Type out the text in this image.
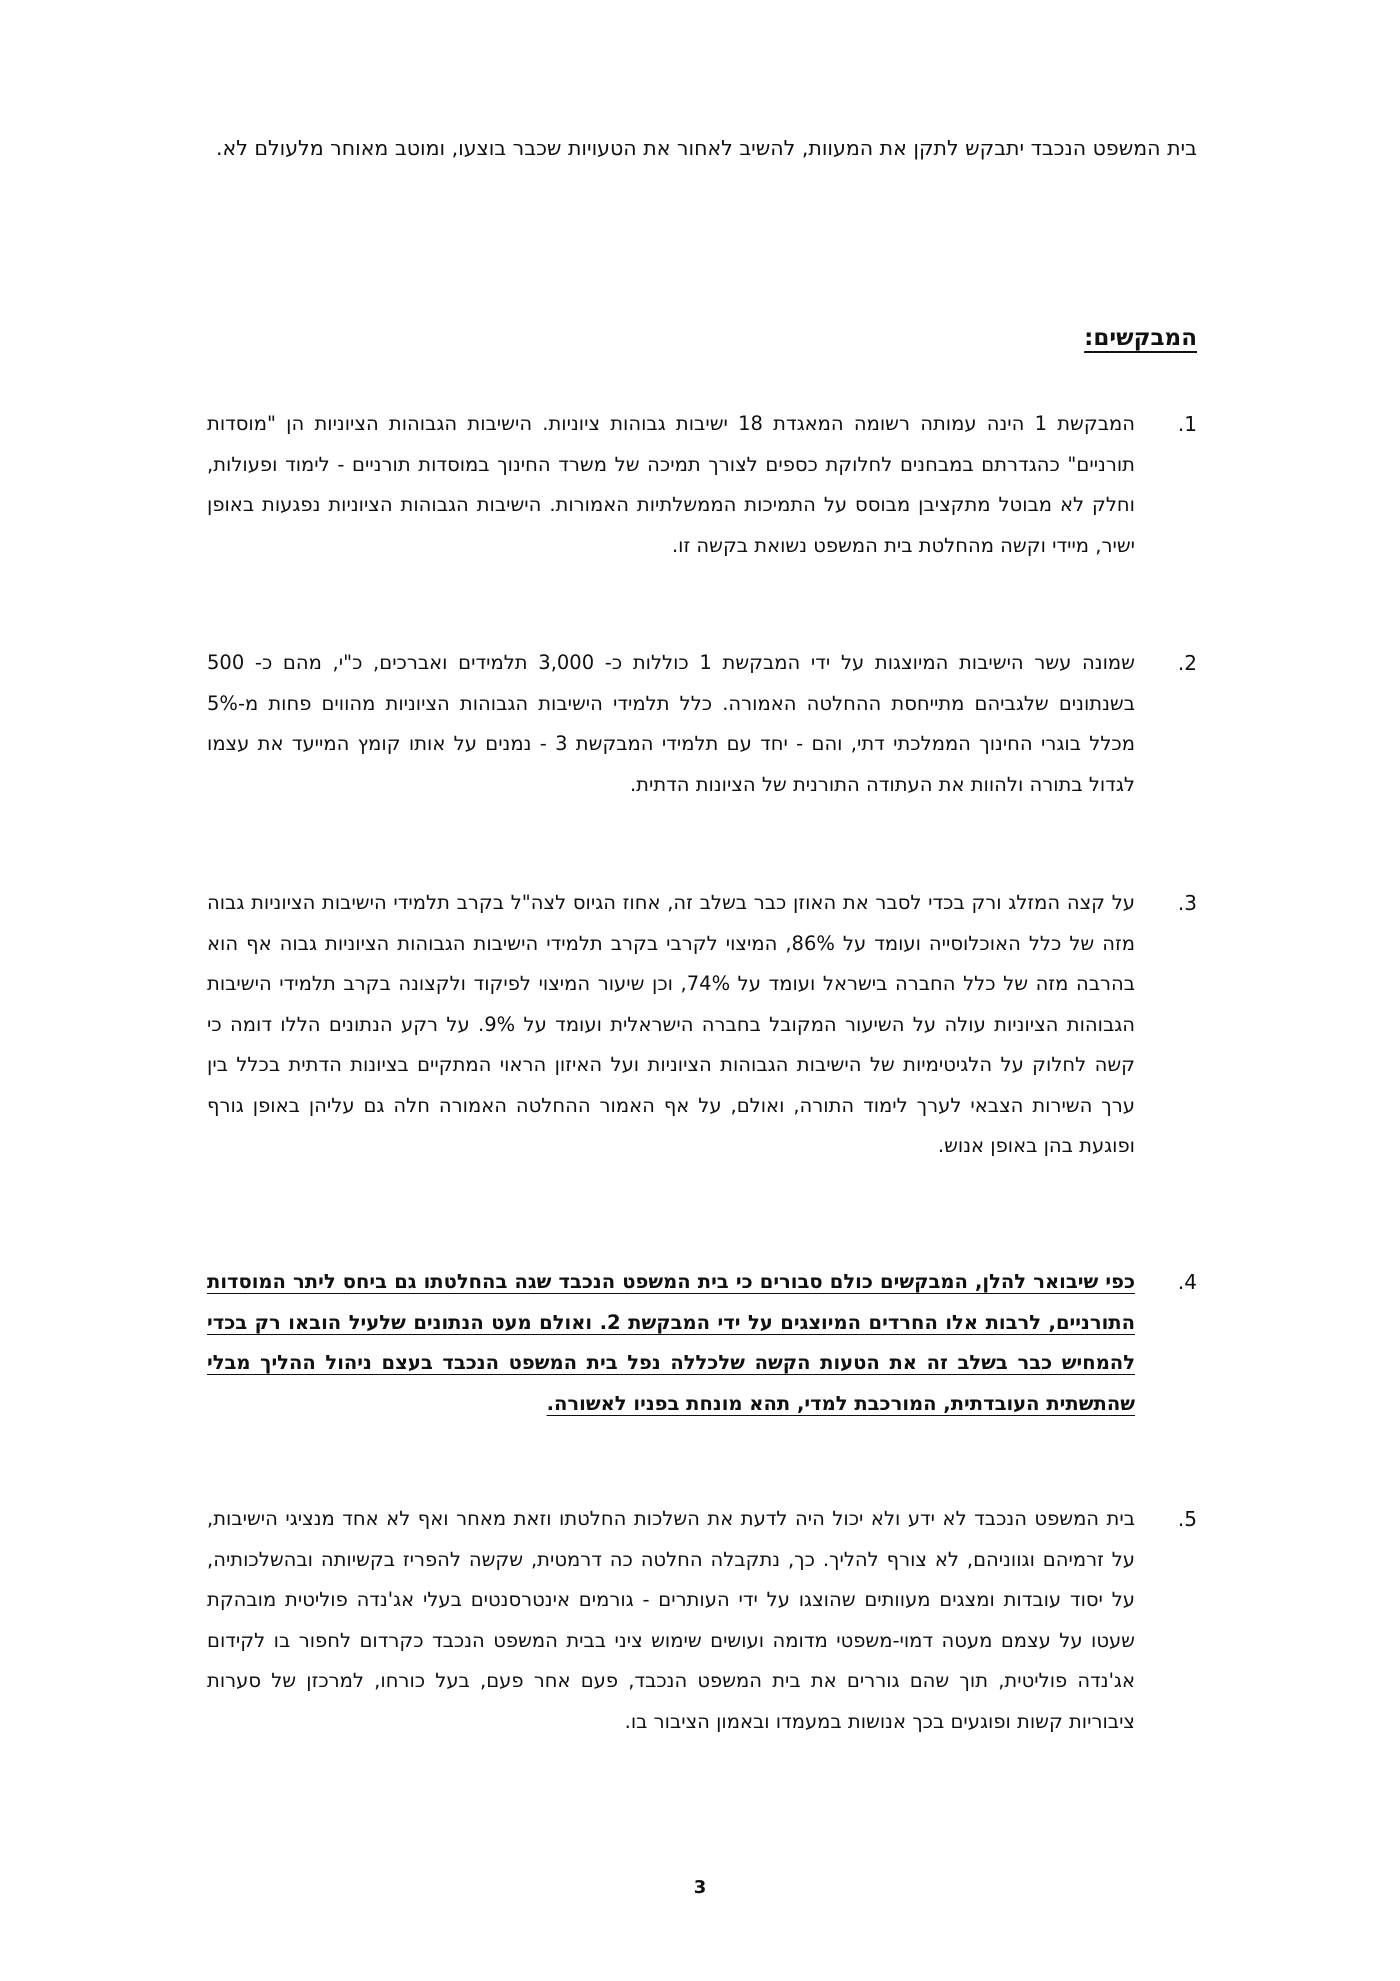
בית המשפט הנכבד יתבקש לתקן את המעוות, להשיב לאחור את הטעויות שכבר בוצעו, ומוטב מאוחר מלעולם לא.

המבקשים:
1.

המבקשת 1 הינה עמותה רשומה המאגדת 18 ישיבות גבוהות ציוניות. הישיבות הגבוהות הציוניות הן "מוסדות תורניים" כהגדרתם במבחנים לחלוקת כספים לצורך תמיכה של משרד החינוך במוסדות תורניים - לימוד ופעולות, וחלק לא מבוטל מתקציבן מבוסס על התמיכות הממשלתיות האמורות. הישיבות הגבוהות הציוניות נפגעות באופן ישיר, מיידי וקשה מהחלטת בית המשפט נשואת בקשה זו.

2.

שמונה עשר הישיבות המיוצגות על ידי המבקשת 1 כוללות כ- 3,000 תלמידים ואברכים, כ"י, מהם כ- 500 בשנתונים שלגביהם מתייחסת ההחלטה האמורה. כלל תלמידי הישיבות הגבוהות הציוניות מהווים פחות מ-5% מכלל בוגרי החינוך הממלכתי דתי, והם - יחד עם תלמידי המבקשת 3 - נמנים על אותו קומץ המייעד את עצמו לגדול בתורה ולהוות את העתודה התורנית של הציונות הדתית.

3.

על קצה המזלג ורק בכדי לסבר את האוזן כבר בשלב זה, אחוז הגיוס לצה"ל בקרב תלמידי הישיבות הציוניות גבוה מזה של כלל האוכלוסייה ועומד על 86%, המיצוי לקרבי בקרב תלמידי הישיבות הגבוהות הציוניות גבוה אף הוא בהרבה מזה של כלל החברה בישראל ועומד על 74%, וכן שיעור המיצוי לפיקוד ולקצונה בקרב תלמידי הישיבות הגבוהות הציוניות עולה על השיעור המקובל בחברה הישראלית ועומד על 9%. על רקע הנתונים הללו דומה כי קשה לחלוק על הלגיטימיות של הישיבות הגבוהות הציוניות ועל האיזון הראוי המתקיים בציונות הדתית בכלל בין ערך השירות הצבאי לערך לימוד התורה, ואולם, על אף האמור ההחלטה האמורה חלה גם עליהן באופן גורף ופוגעת בהן באופן אנוש.

4.

כפי שיבואר להלן, המבקשים כולם סבורים כי בית המשפט הנכבד שגה בהחלטתו גם ביחס ליתר המוסדות התורניים, לרבות אלו החרדים המיוצגים על ידי המבקשת 2. ואולם מעט הנתונים שלעיל הובאו רק בכדי להמחיש כבר בשלב זה את הטעות הקשה שלכללה נפל בית המשפט הנכבד בעצם ניהול ההליך מבלי שהתשתית העובדתית, המורכבת למדי, תהא מונחת בפניו לאשורה.

5.

בית המשפט הנכבד לא ידע ולא יכול היה לדעת את השלכות החלטתו וזאת מאחר ואף לא אחד מנציגי הישיבות, על זרמיהם וגווניהם, לא צורף להליך. כך, נתקבלה החלטה כה דרמטית, שקשה להפריז בקשיותה ובהשלכותיה, על יסוד עובדות ומצגים מעוותים שהוצגו על ידי העותרים - גורמים אינטרסנטים בעלי אג'נדה פוליטית מובהקת שעטו על עצמם מעטה דמוי-משפטי מדומה ועושים שימוש ציני בבית המשפט הנכבד כקרדום לחפור בו לקידום אג'נדה פוליטית, תוך שהם גוררים את בית המשפט הנכבד, פעם אחר פעם, בעל כורחו, למרכזן של סערות ציבוריות קשות ופוגעים בכך אנושות במעמדו ובאמון הציבור בו.

3
